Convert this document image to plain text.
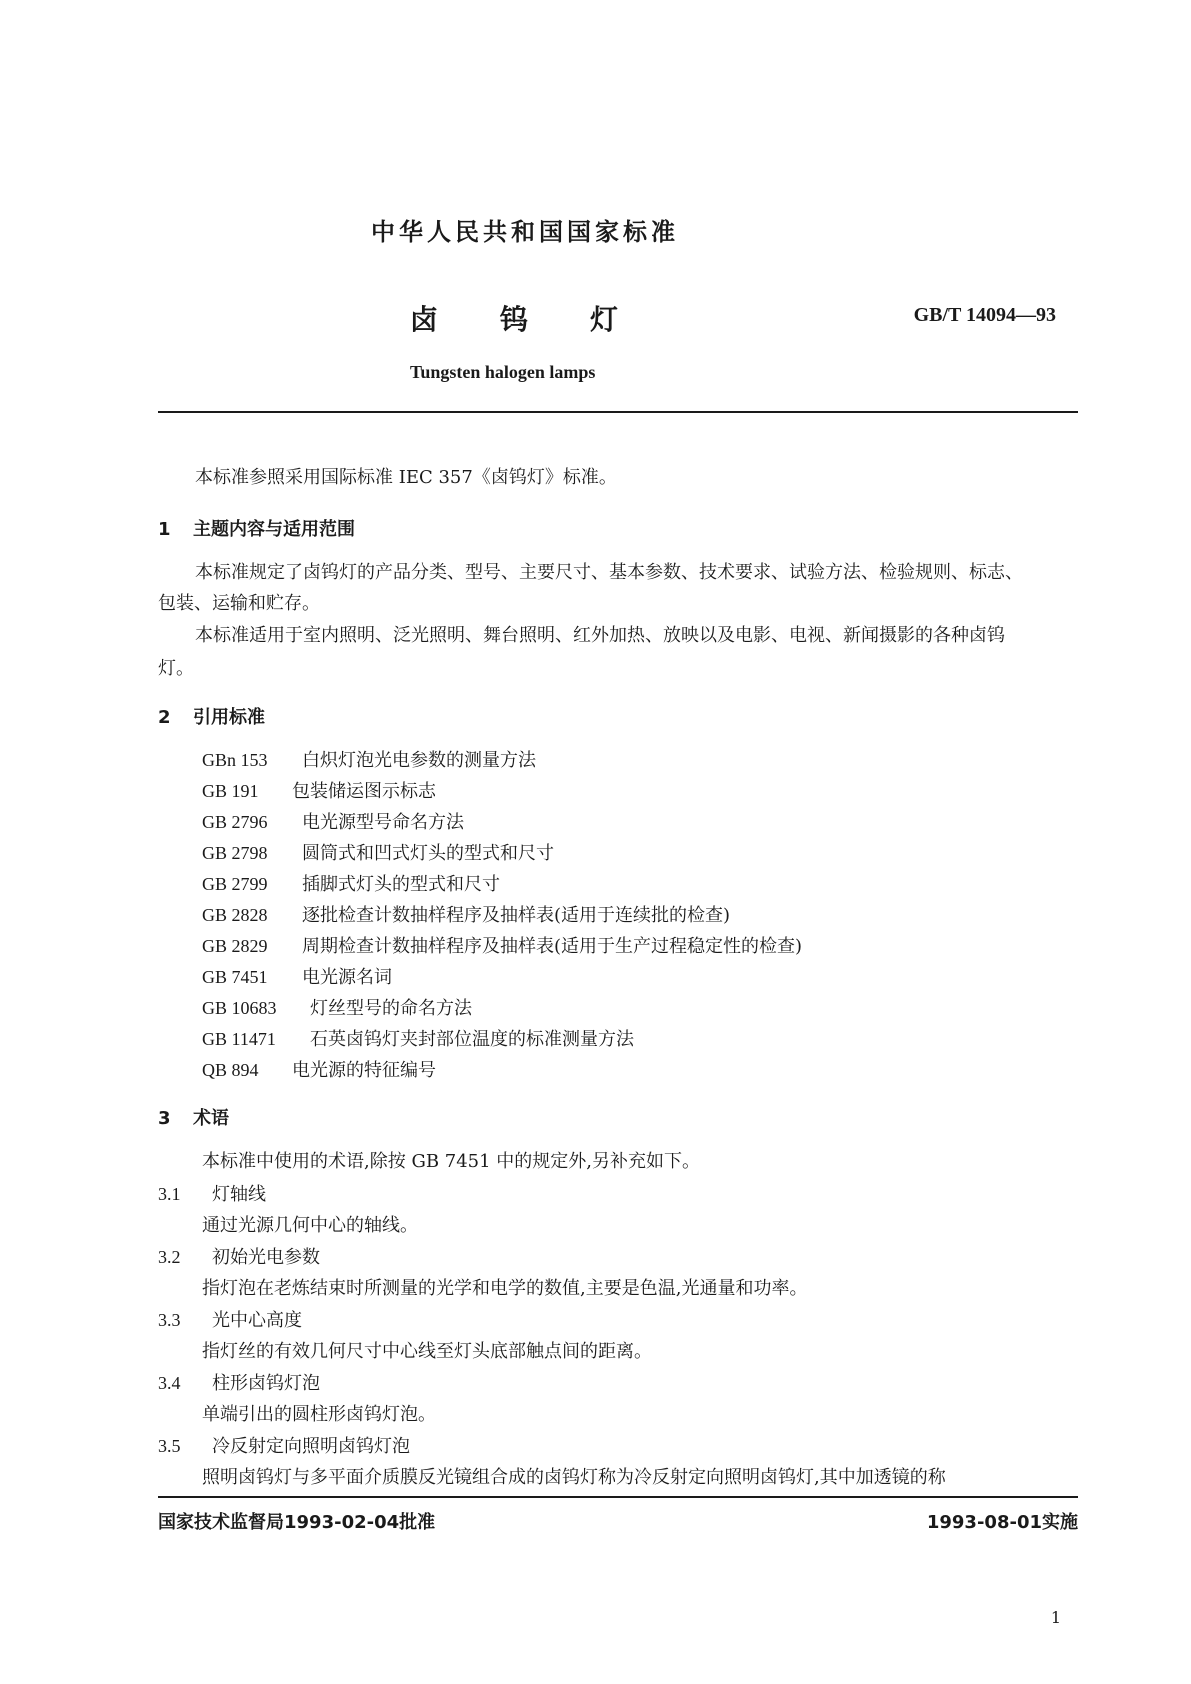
中华人民共和国国家标准
卤钨灯	GB/T 14094—93
Tungsten halogen lamps
本标准参照采用国际标准 IEC 357《卤钨灯》标准。
1 主题内容与适用范围
本标准规定了卤钨灯的产品分类、型号、主要尺寸、基本参数、技术要求、试验方法、检验规则、标志、
包装、运输和贮存。
本标准适用于室内照明、泛光照明、舞台照明、红外加热、放映以及电影、电视、新闻摄影的各种卤钨
灯。
2 引用标准
GBn 153 白炽灯泡光电参数的测量方法
GB 191 包装储运图示标志
GB 2796 电光源型号命名方法
GB 2798 圆筒式和凹式灯头的型式和尺寸
GB 2799 插脚式灯头的型式和尺寸
GB 2828 逐批检查计数抽样程序及抽样表(适用于连续批的检查)
GB 2829 周期检查计数抽样程序及抽样表(适用于生产过程稳定性的检查)
GB 7451 电光源名词
GB 10683 灯丝型号的命名方法
GB 11471 石英卤钨灯夹封部位温度的标准测量方法
QB 894 电光源的特征编号
3 术语
本标准中使用的术语,除按 GB 7451 中的规定外,另补充如下。
3.1 灯轴线
通过光源几何中心的轴线。
3.2 初始光电参数
指灯泡在老炼结束时所测量的光学和电学的数值,主要是色温,光通量和功率。
3.3 光中心高度
指灯丝的有效几何尺寸中心线至灯头底部触点间的距离。
3.4 柱形卤钨灯泡
单端引出的圆柱形卤钨灯泡。
3.5 冷反射定向照明卤钨灯泡
照明卤钨灯与多平面介质膜反光镜组合成的卤钨灯称为冷反射定向照明卤钨灯,其中加透镜的称
国家技术监督局1993-02-04批准	1993-08-01实施
1
